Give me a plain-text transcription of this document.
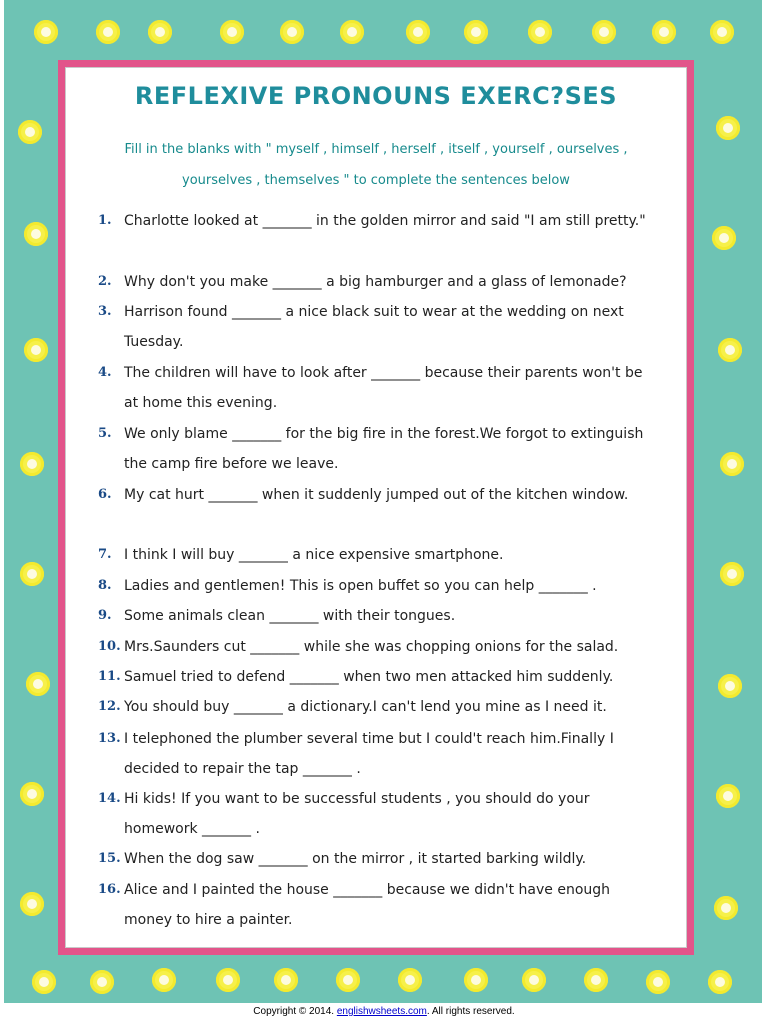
REFLEXIVE PRONOUNS EXERC?SES
Fill in the blanks with " myself , himself , herself , itself , yourself , ourselves ,
yourselves , themselves " to complete the sentences below
1. Charlotte looked at _______ in the golden mirror and said "I am still pretty."
2. Why don't you make _______ a big hamburger and a glass of lemonade?
3. Harrison found _______ a nice black suit to wear at the wedding on next Tuesday.
4. The children will have to look after _______ because their parents won't be at home this evening.
5. We only blame _______ for the big fire in the forest.We forgot to extinguish the camp fire before we leave.
6. My cat hurt _______ when it suddenly jumped out of the kitchen window.
7. I think I will buy _______ a nice expensive smartphone.
8. Ladies and gentlemen! This is open buffet so you can help _______ .
9. Some animals clean _______ with their tongues.
10. Mrs.Saunders cut _______ while she was chopping onions for the salad.
11. Samuel tried to defend _______ when two men attacked him suddenly.
12. You should buy _______ a dictionary.I can't lend you mine as I need it.
13. I telephoned the plumber several time but I could't reach him.Finally I decided to repair the tap _______ .
14. Hi kids! If you want to be successful students , you should do your homework _______ .
15. When the dog saw _______ on the mirror , it started barking wildly.
16. Alice and I painted the house _______ because we didn't have enough money to hire a painter.
Copyright © 2014. englishwsheets.com. All rights reserved.
